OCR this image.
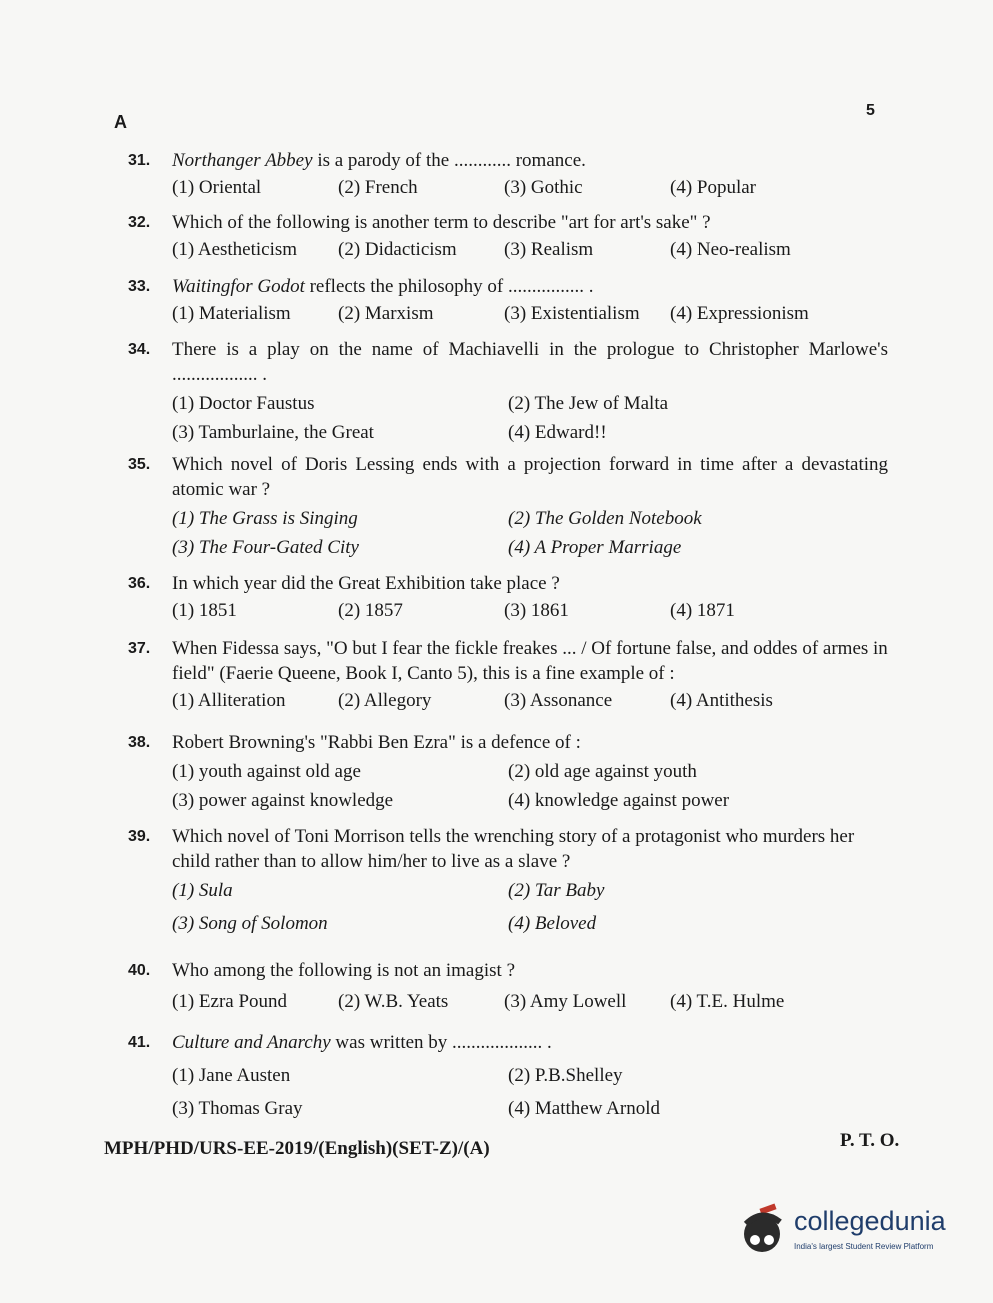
A
5
31. Northanger Abbey is a parody of the ............ romance.
(1) Oriental	(2) French	(3) Gothic	(4) Popular
32. Which of the following is another term to describe "art for art's sake" ?
(1) Aestheticism	(2) Didacticism	(3) Realism	(4) Neo-realism
33. Waitingfor Godot reflects the philosophy of ................ .
(1) Materialism	(2) Marxism	(3) Existentialism	(4) Expressionism
34. There is a play on the name of Machiavelli in the prologue to Christopher Marlowe's .................. .
(1) Doctor Faustus	(2) The Jew of Malta
(3) Tamburlaine, the Great	(4) Edward!!
35. Which novel of Doris Lessing ends with a projection forward in time after a devastating atomic war ?
(1) The Grass is Singing	(2) The Golden Notebook
(3) The Four-Gated City	(4) A Proper Marriage
36. In which year did the Great Exhibition take place ?
(1) 1851	(2) 1857	(3) 1861	(4) 1871
37. When Fidessa says, "O but I fear the fickle freakes ... / Of fortune false, and oddes of armes in field" (Faerie Queene, Book I, Canto 5), this is a fine example of :
(1) Alliteration	(2) Allegory	(3) Assonance	(4) Antithesis
38. Robert Browning's "Rabbi Ben Ezra" is a defence of :
(1) youth against old age	(2) old age against youth
(3) power against knowledge	(4) knowledge against power
39. Which novel of Toni Morrison tells the wrenching story of a protagonist who murders her child rather than to allow him/her to live as a slave ?
(1) Sula	(2) Tar Baby
(3) Song of Solomon	(4) Beloved
40. Who among the following is not an imagist ?
(1) Ezra Pound	(2) W.B. Yeats	(3) Amy Lowell	(4) T.E. Hulme
41. Culture and Anarchy was written by ................... .
(1) Jane Austen	(2) P.B.Shelley
(3) Thomas Gray	(4) Matthew Arnold
MPH/PHD/URS-EE-2019/(English)(SET-Z)/(A)	P. T. O.
collegedunia
India's largest Student Review Platform
